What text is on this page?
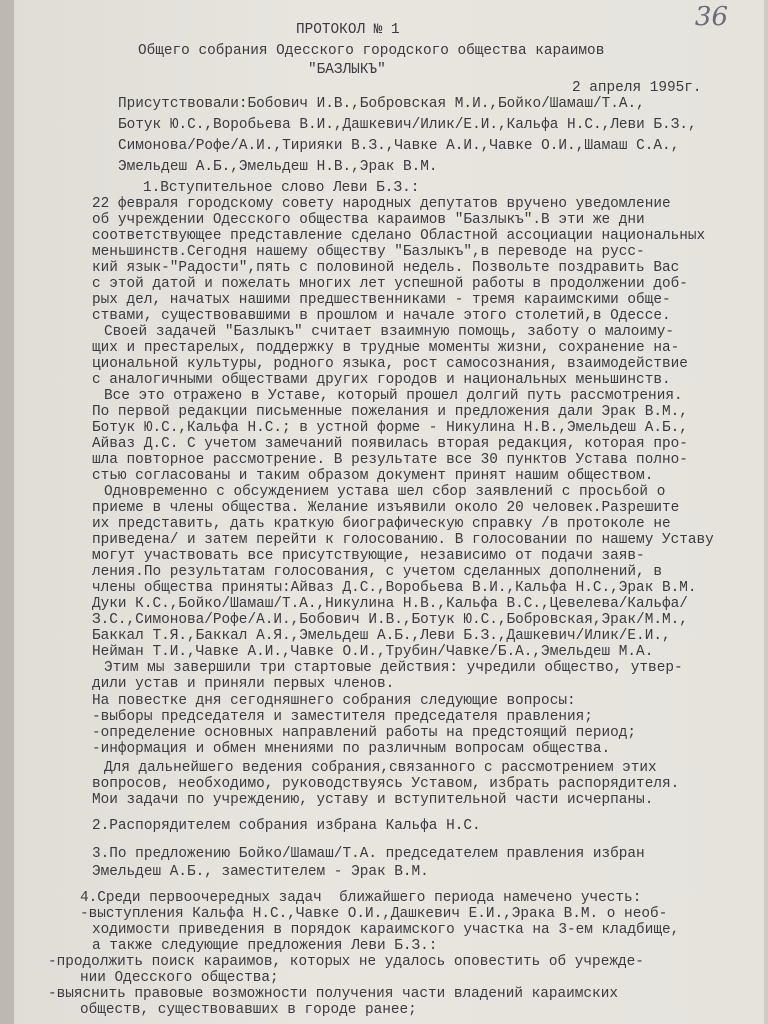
36
ПРОТОКОЛ № 1
Общего собрания Одесского городского общества караимов
"БАЗЛЫКЪ"
2 апреля 1995г.
Присутствовали:Бобович И.В.,Бобровская М.И.,Бойко/Шамаш/Т.А.,
Ботук Ю.С.,Воробьева В.И.,Дашкевич/Илик/Е.И.,Кальфа Н.С.,Леви Б.З.,
Симонова/Рофе/А.И.,Тирияки В.З.,Чавке А.И.,Чавке О.И.,Шамаш С.А.,
Эмельдеш А.Б.,Эмельдеш Н.В.,Эрак В.М.
1.Вступительное слово Леви Б.З.:
22 февраля городскому совету народных депутатов вручено уведомление
об учреждении Одесского общества караимов "Базлыкъ".В эти же дни
соответствующее представление сделано Областной ассоциации национальных
меньшинств.Сегодня нашему обществу "Базлыкъ",в переводе на русс-
кий язык-"Радости",пять с половиной недель. Позвольте поздравить Вас
с этой датой и пожелать многих лет успешной работы в продолжении доб-
рых дел, начатых нашими предшественниками - тремя караимскими обще-
ствами, существовавшими в прошлом и начале этого столетий,в Одессе.
Своей задачей "Базлыкъ" считает взаимную помощь, заботу о малоиму-
щих и престарелых, поддержку в трудные моменты жизни, сохранение на-
циональной культуры, родного языка, рост самосознания, взаимодействие
с аналогичными обществами других городов и национальных меньшинств.
Все это отражено в Уставе, который прошел долгий путь рассмотрения.
По первой редакции письменные пожелания и предложения дали Эрак В.М.,
Ботук Ю.С.,Кальфа Н.С.; в устной форме - Никулина Н.В.,Эмельдеш А.Б.,
Айваз Д.С. С учетом замечаний появилась вторая редакция, которая про-
шла повторное рассмотрение. В результате все 30 пунктов Устава полно-
стью согласованы и таким образом документ принят нашим обществом.
Одновременно с обсуждением устава шел сбор заявлений с просьбой о
приеме в члены общества. Желание изъявили около 20 человек.Разрешите
их представить, дать краткую биографическую справку /в протоколе не
приведена/ и затем перейти к голосованию. В голосовании по нашему Уставу
могут участвовать все присутствующие, независимо от подачи заяв-
ления.По результатам голосования, с учетом сделанных дополнений, в
члены общества приняты:Айваз Д.С.,Воробьева В.И.,Кальфа Н.С.,Эрак В.М.
Дуки К.С.,Бойко/Шамаш/Т.А.,Никулина Н.В.,Кальфа В.С.,Цевелева/Кальфа/
З.С.,Симонова/Рофе/А.И.,Бобович И.В.,Ботук Ю.С.,Бобровская,Эрак/М.М.,
Баккал Т.Я.,Баккал А.Я.,Эмельдеш А.Б.,Леви Б.З.,Дашкевич/Илик/Е.И.,
Нейман Т.И.,Чавке А.И.,Чавке О.И.,Трубин/Чавке/Б.А.,Эмельдеш М.А.
Этим мы завершили три стартовые действия: учредили общество, утвер-
дили устав и приняли первых членов.
На повестке дня сегодняшнего собрания следующие вопросы:
-выборы председателя и заместителя председателя правления;
-определение основных направлений работы на предстоящий период;
-информация и обмен мнениями по различным вопросам общества.
Для дальнейшего ведения собрания,связанного с рассмотрением этих
вопросов, необходимо, руководствуясь Уставом, избрать распорядителя.
Мои задачи по учреждению, уставу и вступительной части исчерпаны.
2.Распорядителем собрания избрана Кальфа Н.С.
3.По предложению Бойко/Шамаш/Т.А. председателем правления избран
Эмельдеш А.Б., заместителем - Эрак В.М.
4.Среди первоочередных задач  ближайшего периода намечено учесть:
-выступления Кальфа Н.С.,Чавке О.И.,Дашкевич Е.И.,Эрака В.М. о необ-
ходимости приведения в порядок караимского участка на 3-ем кладбище,
а также следующие предложения Леви Б.З.:
-продолжить поиск караимов, которых не удалось оповестить об учрежде-
нии Одесского общества;
-выяснить правовые возможности получения части владений караимских
обществ, существовавших в городе ранее;
